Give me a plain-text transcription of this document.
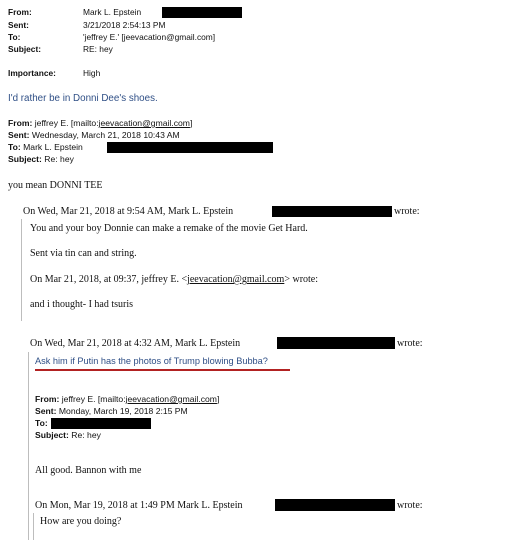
From:	Mark L. Epstein
Sent:	3/21/2018 2:54:13 PM
To:	'jeffrey E.' [jeevacation@gmail.com]
Subject:	RE: hey
Importance:	High
I'd rather be in Donni Dee's shoes.
From: jeffrey E. [mailto:jeevacation@gmail.com]
Sent: Wednesday, March 21, 2018 10:43 AM
To: Mark L. Epstein
Subject: Re: hey
you mean DONNI TEE
On Wed, Mar 21, 2018 at 9:54 AM, Mark L. Epstein	wrote:
You and your boy Donnie can make a remake of the movie Get Hard.
Sent via tin can and string.
On Mar 21, 2018, at 09:37, jeffrey E. <jeevacation@gmail.com> wrote:
and i thought- I had tsuris
On Wed, Mar 21, 2018 at 4:32 AM, Mark L. Epstein	wrote:
Ask him if Putin has the photos of Trump blowing Bubba?
From: jeffrey E. [mailto:jeevacation@gmail.com]
Sent: Monday, March 19, 2018 2:15 PM
To:
Subject: Re: hey
All good. Bannon with me
On Mon, Mar 19, 2018 at 1:49 PM Mark L. Epstein	wrote:
How are you doing?
